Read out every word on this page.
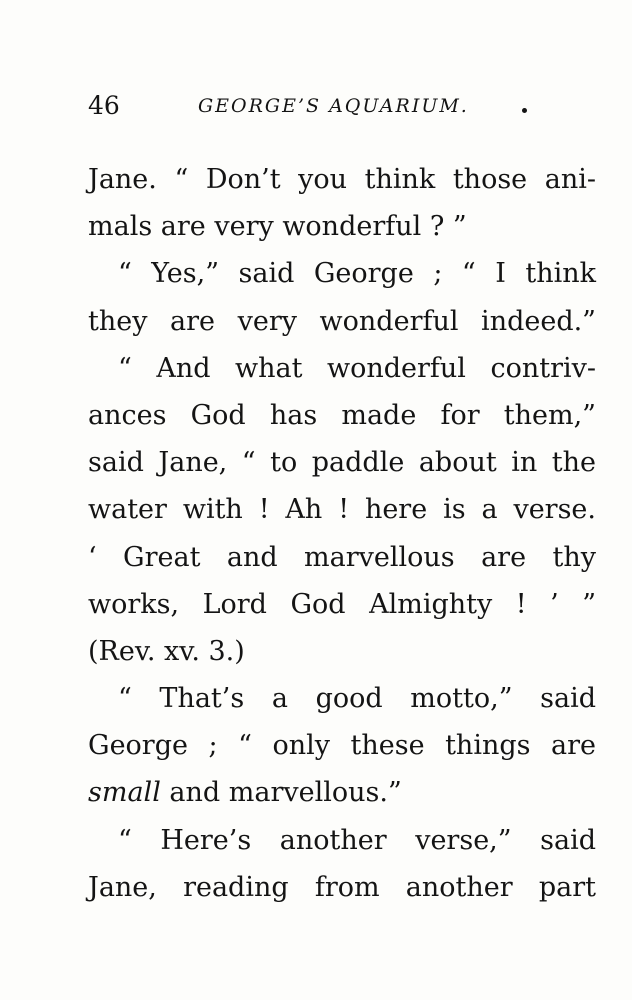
46	GEORGE’S AQUARIUM.
Jane. “ Don’t you think those ani-
mals are very wonderful ? ”
“ Yes,” said George ; “ I think
they are very wonderful indeed.”
“ And what wonderful contriv-
ances God has made for them,”
said Jane, “ to paddle about in the
water with ! Ah ! here is a verse.
‘ Great and marvellous are thy
works, Lord God Almighty ! ’ ”
(Rev. xv. 3.)
“ That’s a good motto,” said
George ; “ only these things are
small and marvellous.”
“ Here’s another verse,” said
Jane, reading from another part
